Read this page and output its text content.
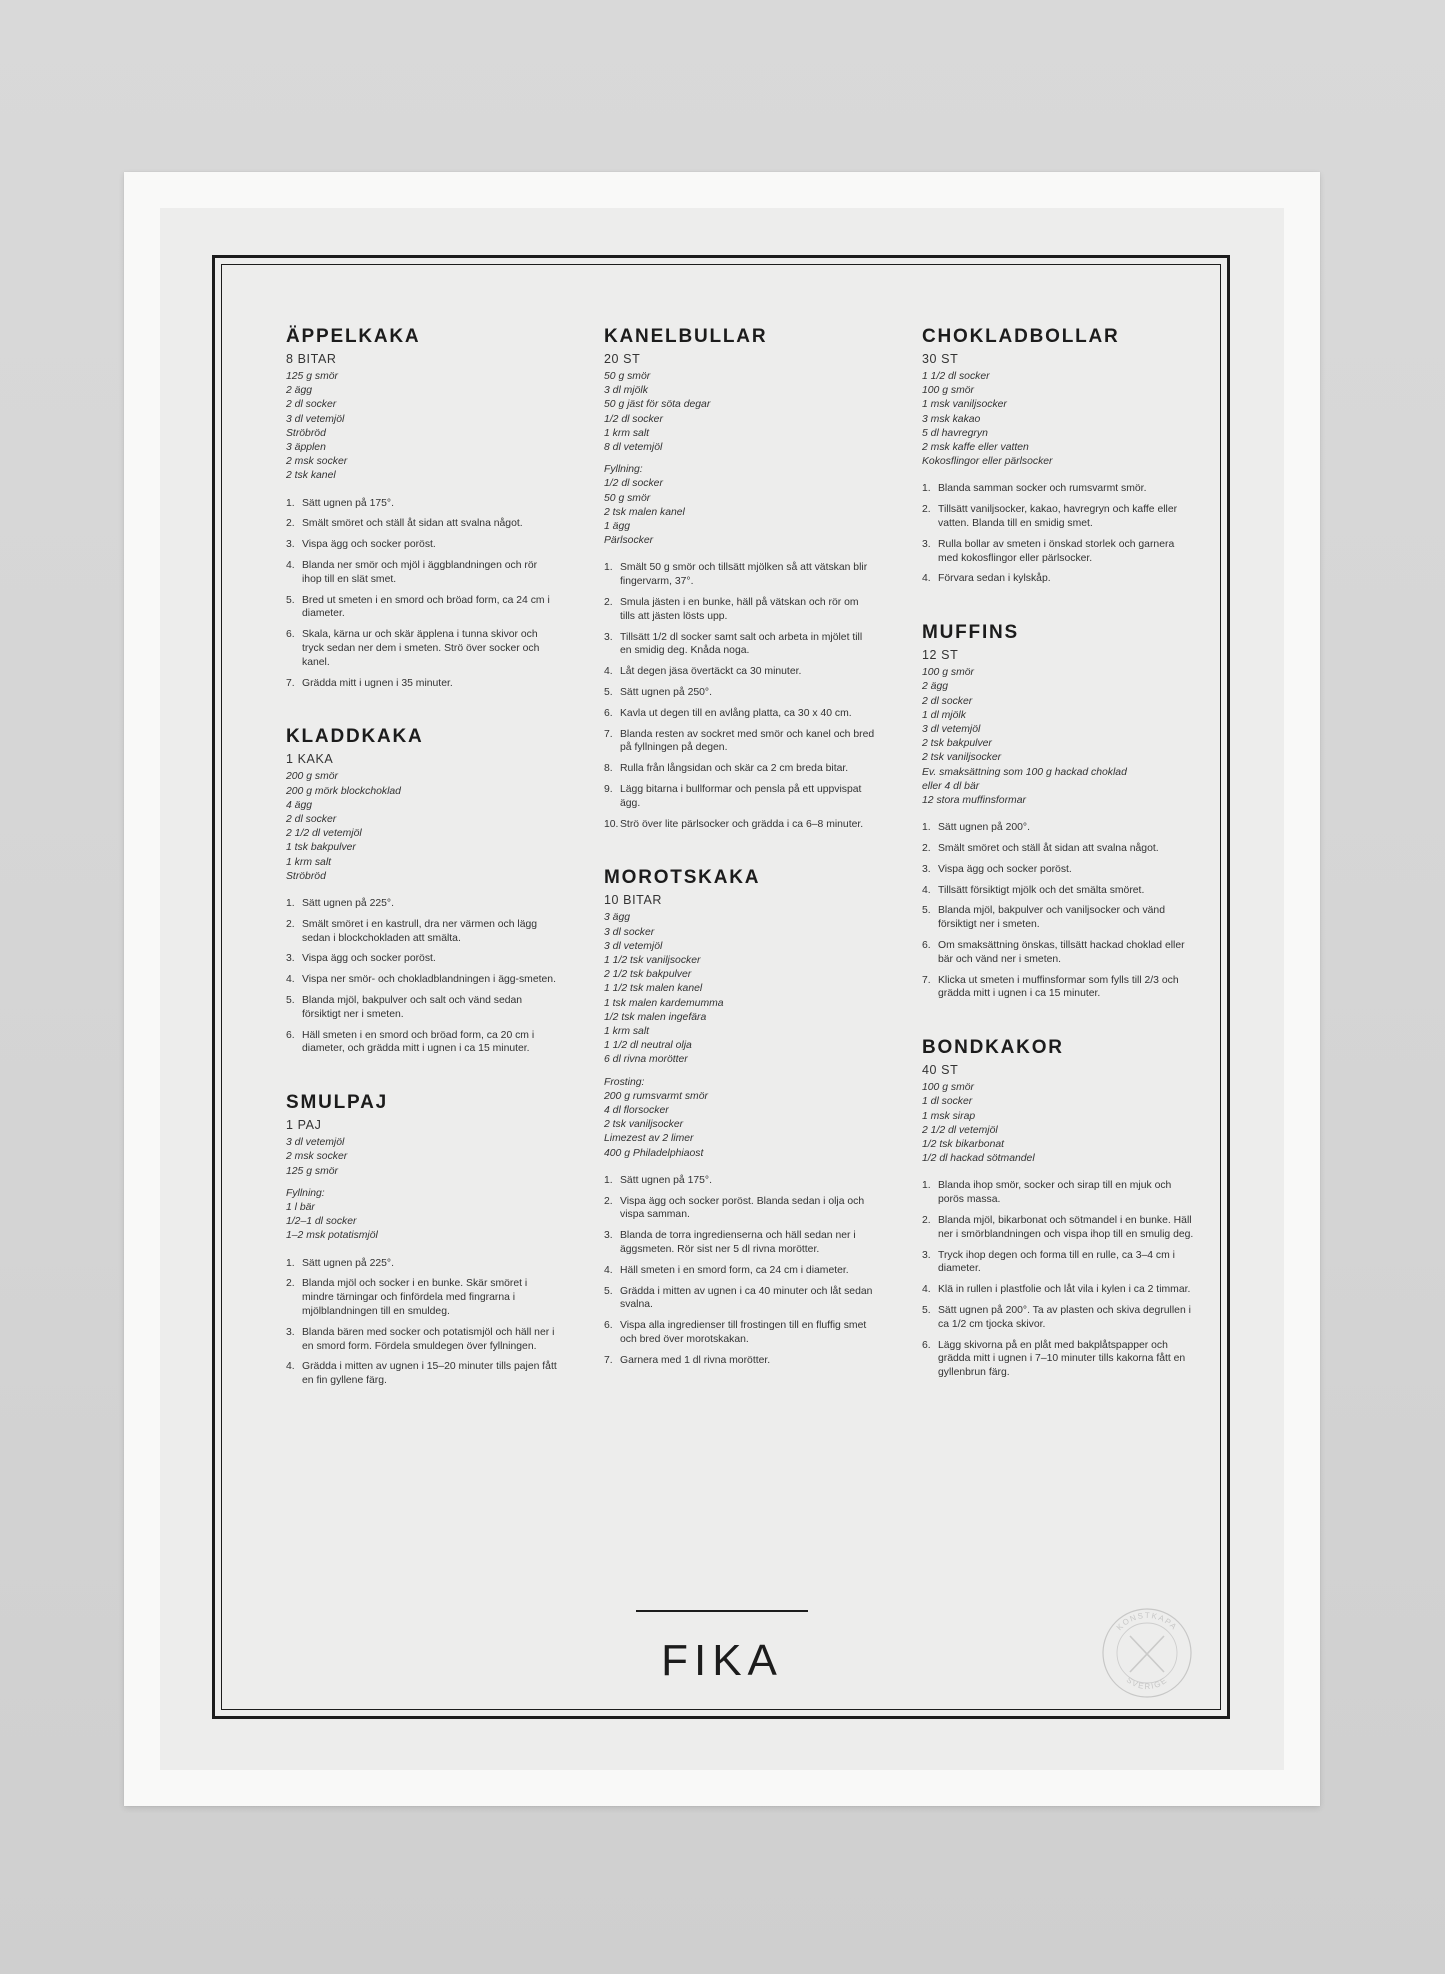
ÄPPELKAKA
8 BITAR
125 g smör
2 ägg
2 dl socker
3 dl vetemjöl
Ströbröd
3 äpplen
2 msk socker
2 tsk kanel
1. Sätt ugnen på 175°.
2. Smält smöret och ställ åt sidan att svalna något.
3. Vispa ägg och socker poröst.
4. Blanda ner smör och mjöl i äggblandningen och rör ihop till en slät smet.
5. Bred ut smeten i en smord och bröad form, ca 24 cm i diameter.
6. Skala, kärna ur och skär äpplena i tunna skivor och tryck sedan ner dem i smeten. Strö över socker och kanel.
7. Grädda mitt i ugnen i 35 minuter.
KLADDKAKA
1 KAKA
200 g smör
200 g mörk blockchoklad
4 ägg
2 dl socker
2 1/2 dl vetemjöl
1 tsk bakpulver
1 krm salt
Ströbröd
1. Sätt ugnen på 225°.
2. Smält smöret i en kastrull, dra ner värmen och lägg sedan i blockchokladen att smälta.
3. Vispa ägg och socker poröst.
4. Vispa ner smör- och chokladblandningen i ägg-smeten.
5. Blanda mjöl, bakpulver och salt och vänd sedan försiktigt ner i smeten.
6. Häll smeten i en smord och bröad form, ca 20 cm i diameter, och grädda mitt i ugnen i ca 15 minuter.
SMULPAJ
1 PAJ
3 dl vetemjöl
2 msk socker
125 g smör
Fyllning:
1 l bär
1/2–1 dl socker
1–2 msk potatismjöl
1. Sätt ugnen på 225°.
2. Blanda mjöl och socker i en bunke. Skär smöret i mindre tärningar och finfördela med fingrarna i mjölblandningen till en smuldeg.
3. Blanda bären med socker och potatismjöl och häll ner i en smord form. Fördela smuldegen över fyllningen.
4. Grädda i mitten av ugnen i 15–20 minuter tills pajen fått en fin gyllene färg.
KANELBULLAR
20 ST
50 g smör
3 dl mjölk
50 g jäst för söta degar
1/2 dl socker
1 krm salt
8 dl vetemjöl
Fyllning:
1/2 dl socker
50 g smör
2 tsk malen kanel
1 ägg
Pärlsocker
1. Smält 50 g smör och tillsätt mjölken så att vätskan blir fingervarm, 37°.
2. Smula jästen i en bunke, häll på vätskan och rör om tills att jästen lösts upp.
3. Tillsätt 1/2 dl socker samt salt och arbeta in mjölet till en smidig deg. Knåda noga.
4. Låt degen jäsa övertäckt ca 30 minuter.
5. Sätt ugnen på 250°.
6. Kavla ut degen till en avlång platta, ca 30 x 40 cm.
7. Blanda resten av sockret med smör och kanel och bred på fyllningen på degen.
8. Rulla från långsidan och skär ca 2 cm breda bitar.
9. Lägg bitarna i bullformar och pensla på ett uppvispat ägg.
10. Strö över lite pärlsocker och grädda i ca 6–8 minuter.
MOROTSKAKA
10 BITAR
3 ägg
3 dl socker
3 dl vetemjöl
1 1/2 tsk vaniljsocker
2 1/2 tsk bakpulver
1 1/2 tsk malen kanel
1 tsk malen kardemumma
1/2 tsk malen ingefära
1 krm salt
1 1/2 dl neutral olja
6 dl rivna morötter
Frosting:
200 g rumsvarmt smör
4 dl florsocker
2 tsk vaniljsocker
Limezest av 2 limer
400 g Philadelphiaost
1. Sätt ugnen på 175°.
2. Vispa ägg och socker poröst. Blanda sedan i olja och vispa samman.
3. Blanda de torra ingredienserna och häll sedan ner i äggsmeten. Rör sist ner 5 dl rivna morötter.
4. Häll smeten i en smord form, ca 24 cm i diameter.
5. Grädda i mitten av ugnen i ca 40 minuter och låt sedan svalna.
6. Vispa alla ingredienser till frostingen till en fluffig smet och bred över morotskakan.
7. Garnera med 1 dl rivna morötter.
CHOKLADBOLLAR
30 ST
1 1/2 dl socker
100 g smör
1 msk vaniljsocker
3 msk kakao
5 dl havregryn
2 msk kaffe eller vatten
Kokosflingor eller pärlsocker
1. Blanda samman socker och rumsvarmt smör.
2. Tillsätt vaniljsocker, kakao, havregryn och kaffe eller vatten. Blanda till en smidig smet.
3. Rulla bollar av smeten i önskad storlek och garnera med kokosflingor eller pärlsocker.
4. Förvara sedan i kylskåp.
MUFFINS
12 ST
100 g smör
2 ägg
2 dl socker
1 dl mjölk
3 dl vetemjöl
2 tsk bakpulver
2 tsk vaniljsocker
Ev. smaksättning som 100 g hackad choklad
eller 4 dl bär
12 stora muffinsformar
1. Sätt ugnen på 200°.
2. Smält smöret och ställ åt sidan att svalna något.
3. Vispa ägg och socker poröst.
4. Tillsätt försiktigt mjölk och det smälta smöret.
5. Blanda mjöl, bakpulver och vaniljsocker och vänd försiktigt ner i smeten.
6. Om smaksättning önskas, tillsätt hackad choklad eller bär och vänd ner i smeten.
7. Klicka ut smeten i muffinsformar som fylls till 2/3 och grädda mitt i ugnen i ca 15 minuter.
BONDKAKOR
40 ST
100 g smör
1 dl socker
1 msk sirap
2 1/2 dl vetemjöl
1/2 tsk bikarbonat
1/2 dl hackad sötmandel
1. Blanda ihop smör, socker och sirap till en mjuk och porös massa.
2. Blanda mjöl, bikarbonat och sötmandel i en bunke. Häll ner i smörblandningen och vispa ihop till en smulig deg.
3. Tryck ihop degen och forma till en rulle, ca 3–4 cm i diameter.
4. Klä in rullen i plastfolie och låt vila i kylen i ca 2 timmar.
5. Sätt ugnen på 200°. Ta av plasten och skiva degrullen i ca 1/2 cm tjocka skivor.
6. Lägg skivorna på en plåt med bakplåtspapper och grädda mitt i ugnen i 7–10 minuter tills kakorna fått en gyllenbrun färg.
FIKA
KONSTKAPA
SVERIGE
